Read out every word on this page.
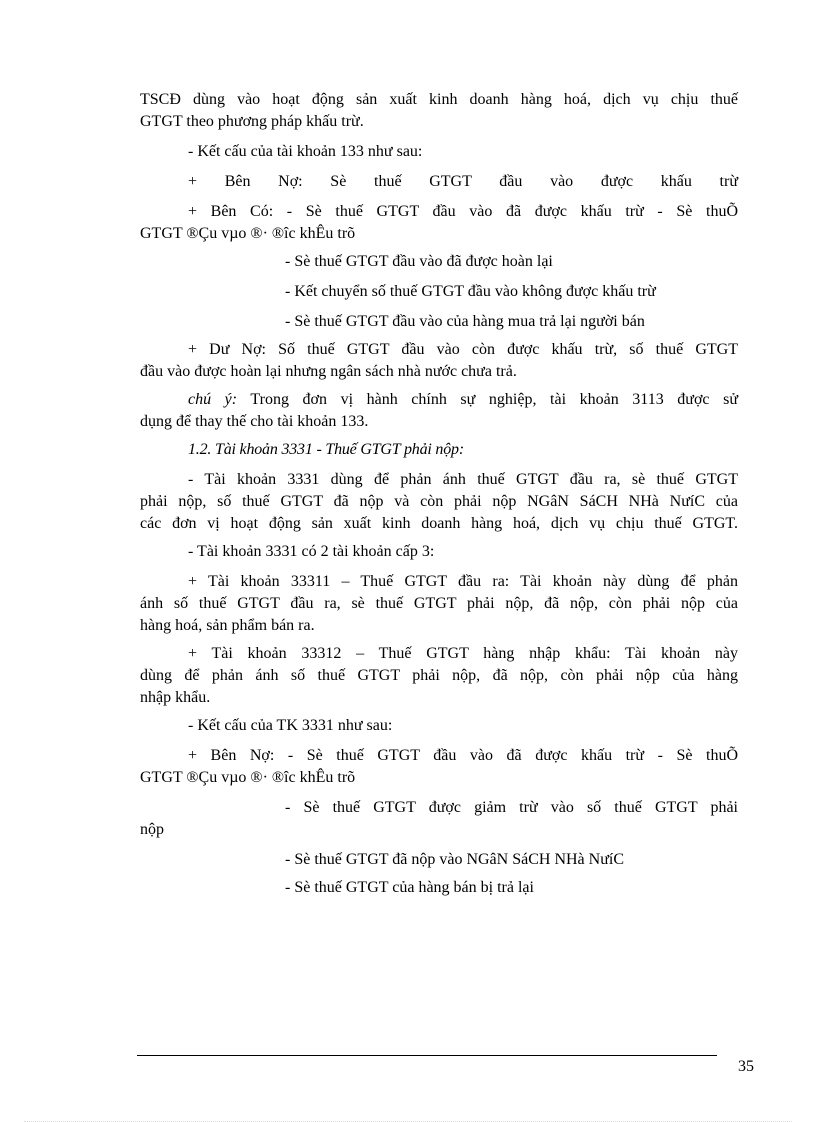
TSCĐ dùng vào hoạt động sản xuất kinh doanh hàng hoá, dịch vụ chịu thuế
GTGT theo phương pháp khấu trừ.
- Kết cấu của tài khoản 133 như sau:
+ Bên Nợ: Sè thuế GTGT đầu vào được khấu trừ
+ Bên Có: - Sè thuế GTGT đầu vào đã được khấu trừ - Sè thuÕ
GTGT ®Çu vµo ®· ®îc khÊu trõ
- Sè thuế GTGT đầu vào đã được hoàn lại
- Kết chuyển số thuế GTGT đầu vào không được khấu trừ
- Sè thuế GTGT đầu vào của hàng mua trả lại người bán
+ Dư Nợ: Số thuế GTGT đầu vào còn được khấu trừ, số thuế GTGT
đầu vào được hoàn lại nhưng ngân sách nhà nước chưa trả.
chú ý: Trong đơn vị hành chính sự nghiệp, tài khoản 3113 được sử
dụng để thay thế cho tài khoản 133.
1.2. Tài khoản 3331 - Thuế GTGT phải nộp:
- Tài khoản 3331 dùng để phản ánh thuế GTGT đầu ra, sè thuế GTGT
phải nộp, số thuế GTGT đã nộp và còn phải nộp NGâN SáCH NHà NưíC của
các đơn vị hoạt động sản xuất kinh doanh hàng hoá, dịch vụ chịu thuế GTGT.
- Tài khoản 3331 có 2 tài khoản cấp 3:
+ Tài khoản 33311 – Thuế GTGT đầu ra: Tài khoản này dùng để phản
ánh số thuế GTGT đầu ra, sè thuế GTGT phải nộp, đã nộp, còn phải nộp của
hàng hoá, sản phẩm bán ra.
+ Tài khoản 33312 – Thuế GTGT hàng nhập khẩu: Tài khoản này
dùng để phản ánh số thuế GTGT phải nộp, đã nộp, còn phải nộp của hàng
nhập khẩu.
- Kết cấu của TK 3331 như sau:
+ Bên Nợ: - Sè thuế GTGT đầu vào đã được khấu trừ - Sè thuÕ
GTGT ®Çu vµo ®· ®îc khÊu trõ
- Sè thuế GTGT được giảm trừ vào số thuế GTGT phải
nộp
- Sè thuế GTGT đã nộp vào NGâN SáCH NHà NưíC
- Sè thuế GTGT của hàng bán bị trả lại
35
